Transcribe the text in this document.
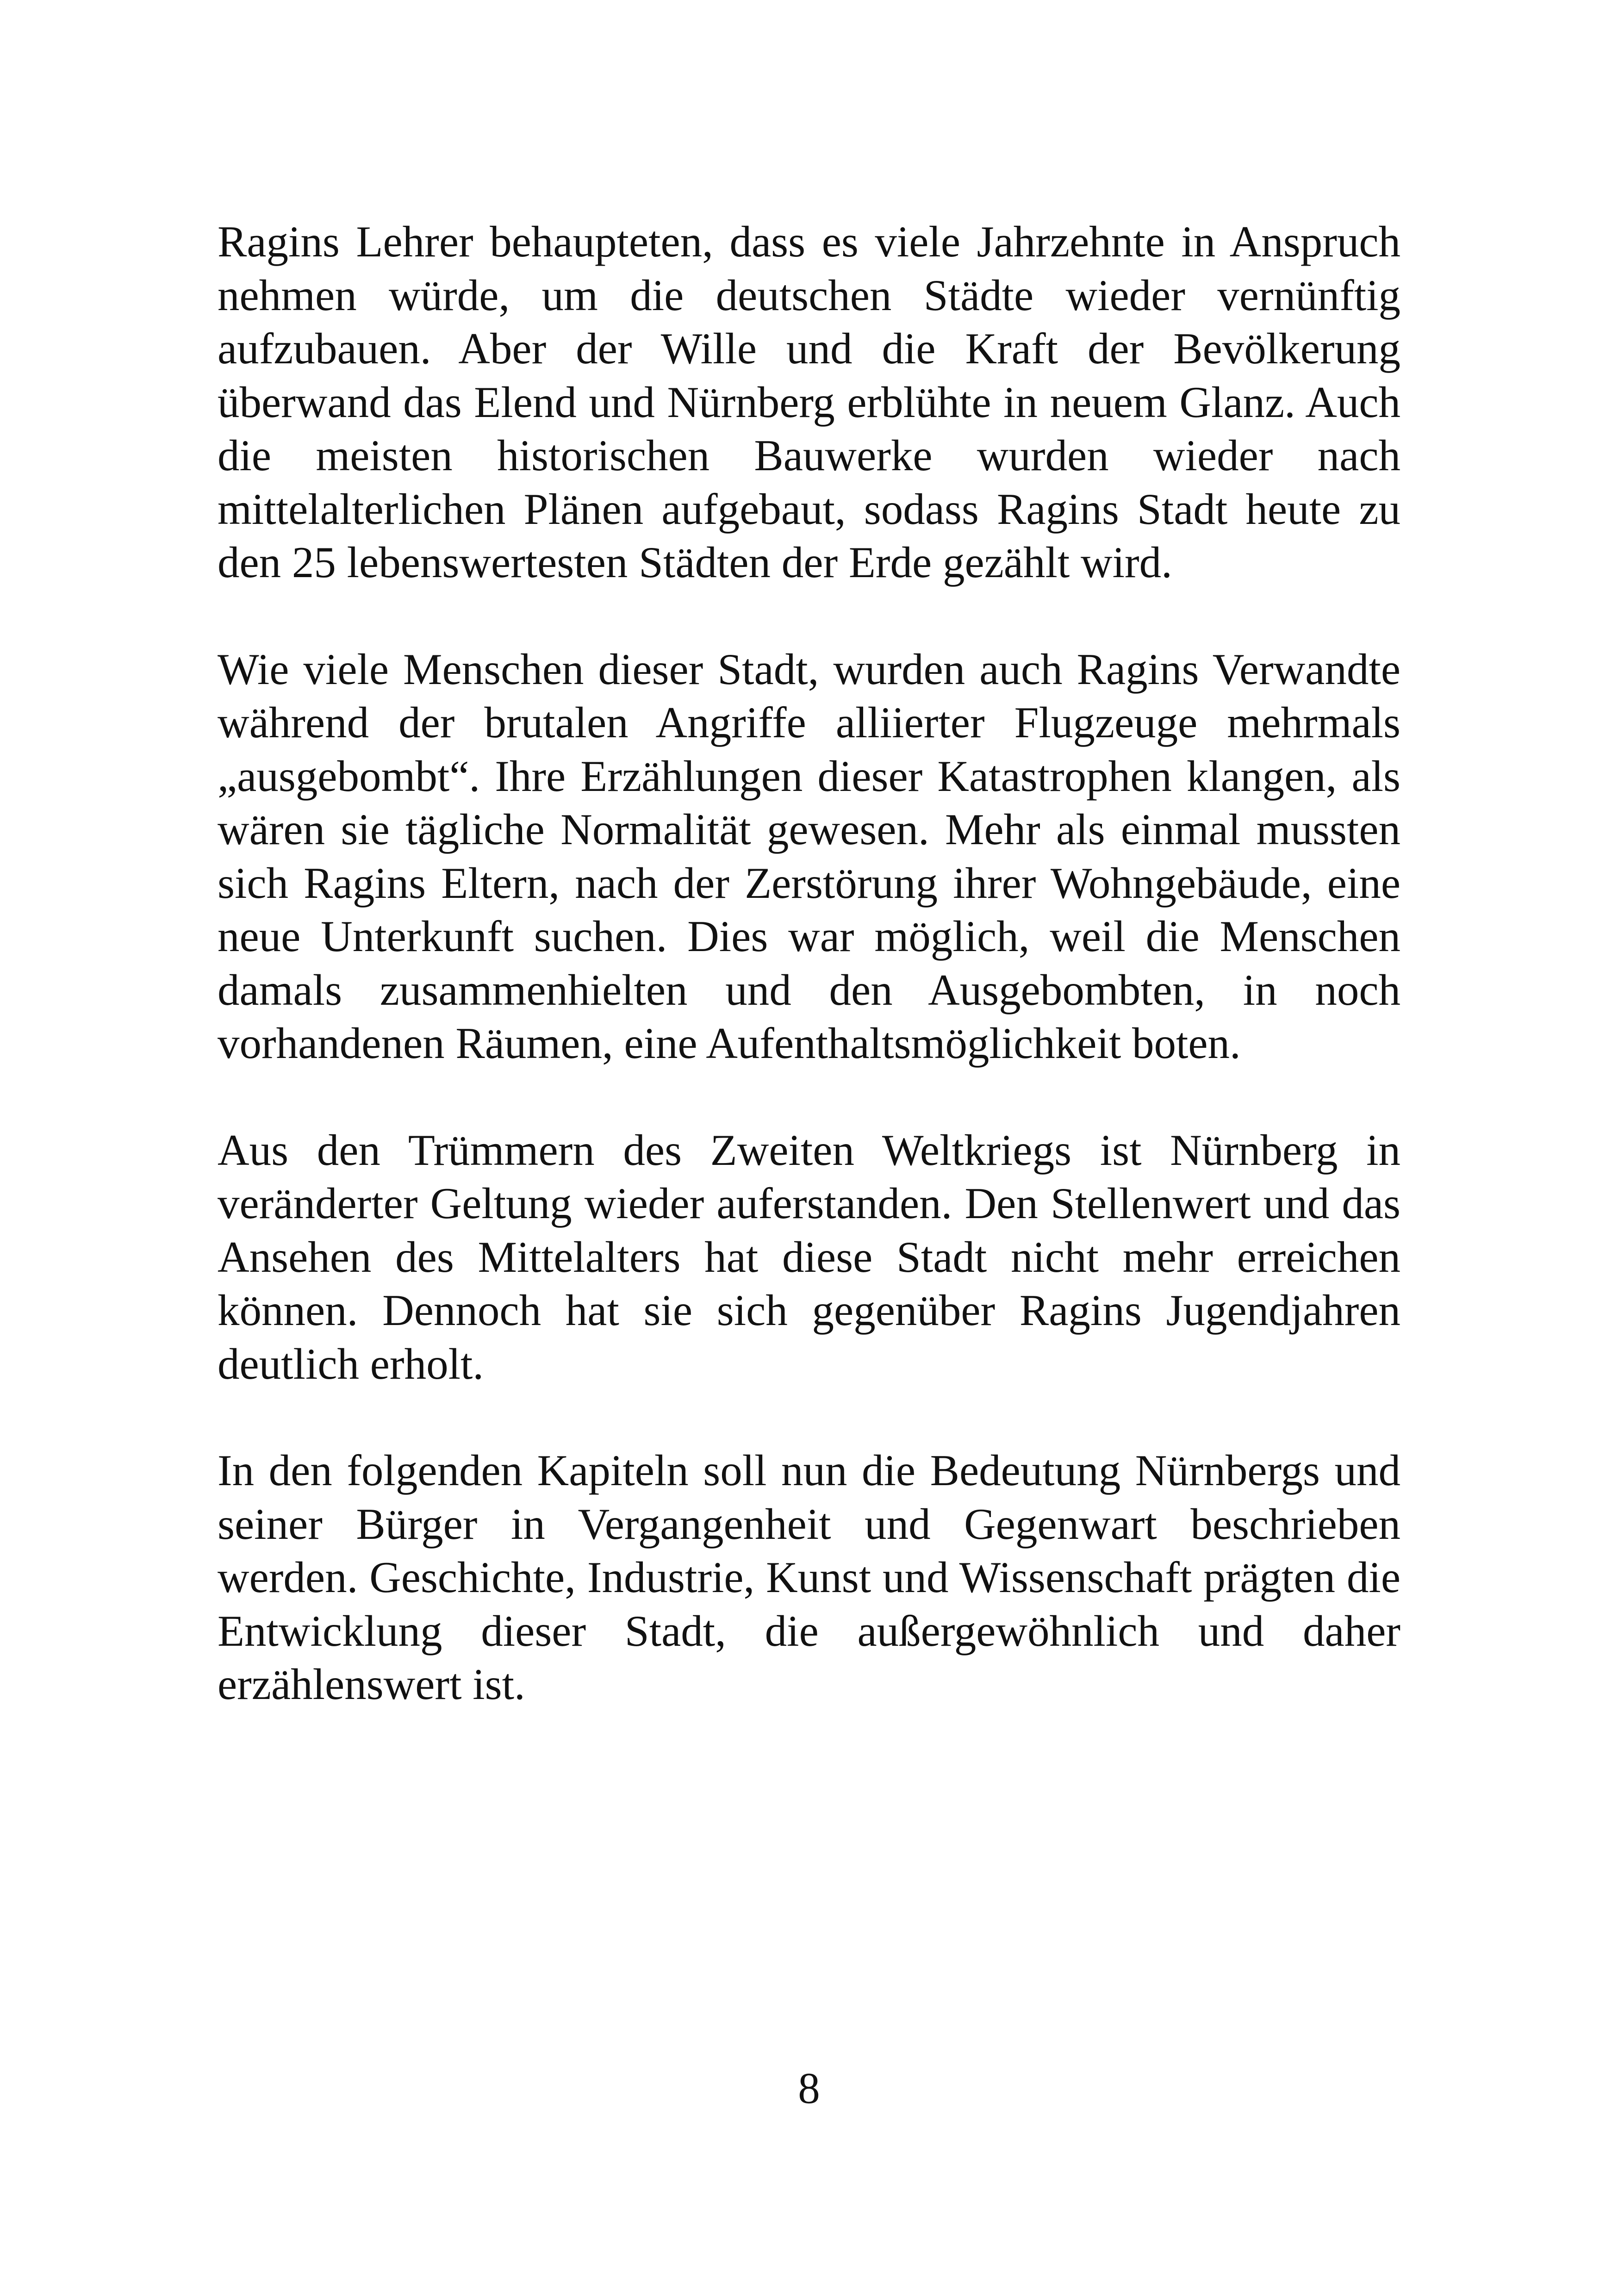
Ragins Lehrer behaupteten, dass es viele Jahrzehnte in Anspruch nehmen würde, um die deutschen Städte wieder vernünftig aufzubauen. Aber der Wille und die Kraft der Bevölkerung überwand das Elend und Nürnberg erblühte in neuem Glanz. Auch die meisten historischen Bauwerke wurden wieder nach mittelalterlichen Plänen aufgebaut, sodass Ragins Stadt heute zu den 25 lebenswertesten Städten der Erde gezählt wird.

Wie viele Menschen dieser Stadt, wurden auch Ragins Verwandte während der brutalen Angriffe alliierter Flugzeuge mehrmals „ausgebombt“. Ihre Erzählungen dieser Katastrophen klangen, als wären sie tägliche Normalität gewesen. Mehr als einmal mussten sich Ragins Eltern, nach der Zerstörung ihrer Wohngebäude, eine neue Unterkunft suchen. Dies war möglich, weil die Menschen damals zusammenhielten und den Ausgebombten, in noch vorhandenen Räumen, eine Aufenthaltsmöglichkeit boten.

Aus den Trümmern des Zweiten Weltkriegs ist Nürnberg in veränderter Geltung wieder auferstanden. Den Stellenwert und das Ansehen des Mittelalters hat diese Stadt nicht mehr erreichen können. Dennoch hat sie sich gegenüber Ragins Jugendjahren deutlich erholt.

In den folgenden Kapiteln soll nun die Bedeutung Nürnbergs und seiner Bürger in Vergangenheit und Gegenwart beschrieben werden. Geschichte, Industrie, Kunst und Wissenschaft prägten die Entwicklung dieser Stadt, die außergewöhnlich und daher erzählenswert ist.

8
